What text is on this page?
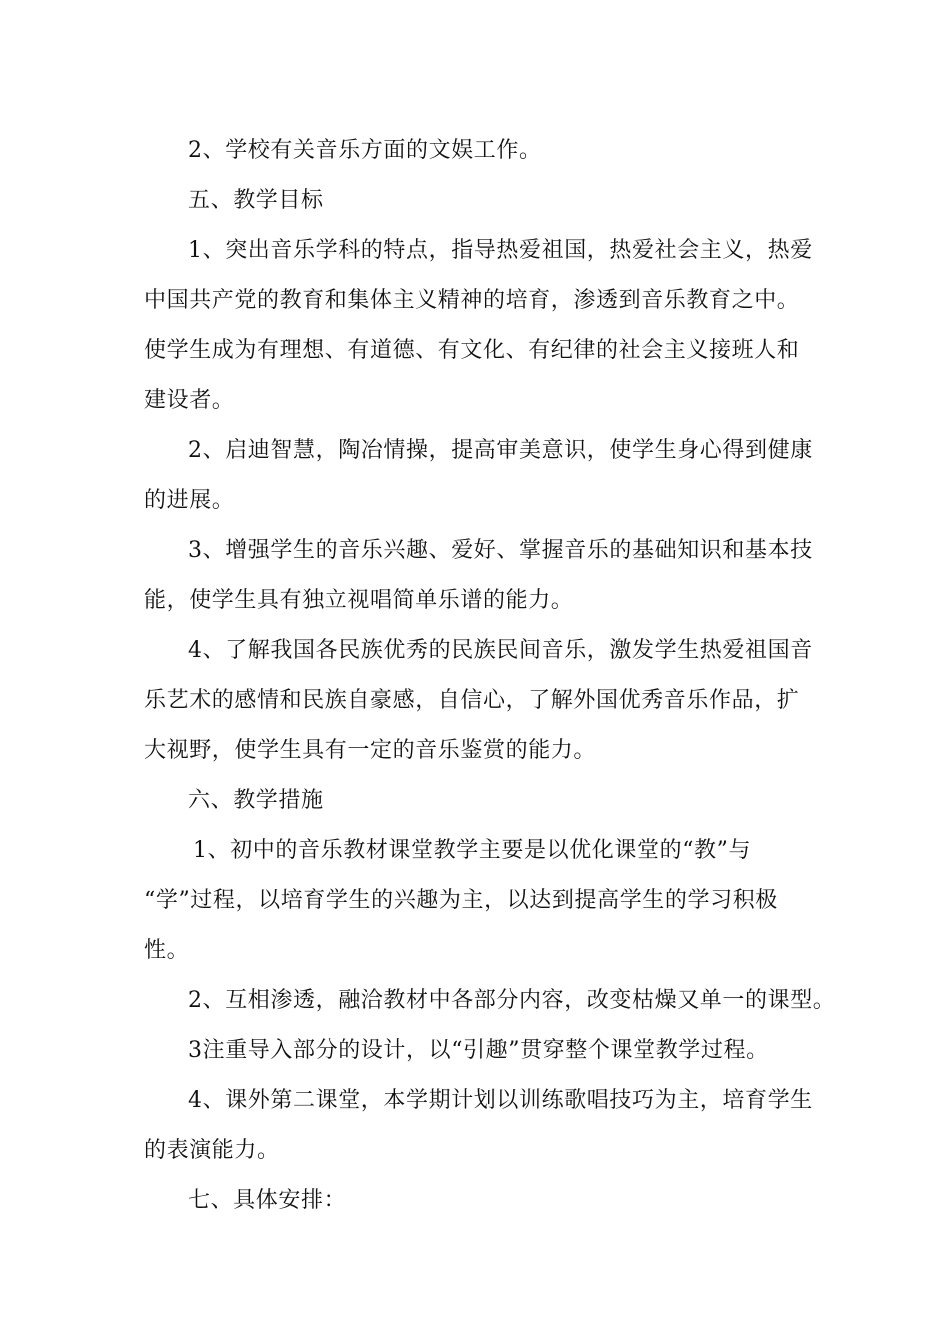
2、学校有关音乐方面的文娱工作。
五、教学目标
1、突出音乐学科的特点，指导热爱祖国，热爱社会主义，热爱
中国共产党的教育和集体主义精神的培育，渗透到音乐教育之中。
使学生成为有理想、有道德、有文化、有纪律的社会主义接班人和
建设者。
2、启迪智慧，陶冶情操，提高审美意识，使学生身心得到健康
的进展。
3、增强学生的音乐兴趣、爱好、掌握音乐的基础知识和基本技
能，使学生具有独立视唱简单乐谱的能力。
4、了解我国各民族优秀的民族民间音乐，激发学生热爱祖国音
乐艺术的感情和民族自豪感，自信心，了解外国优秀音乐作品，扩
大视野，使学生具有一定的音乐鉴赏的能力。
六、教学措施
1、初中的音乐教材课堂教学主要是以优化课堂的“教”与
“学”过程，以培育学生的兴趣为主，以达到提高学生的学习积极
性。
2、互相渗透，融洽教材中各部分内容，改变枯燥又单一的课型。
3注重导入部分的设计，以“引趣”贯穿整个课堂教学过程。
4、课外第二课堂，本学期计划以训练歌唱技巧为主，培育学生
的表演能力。
七、具体安排：
